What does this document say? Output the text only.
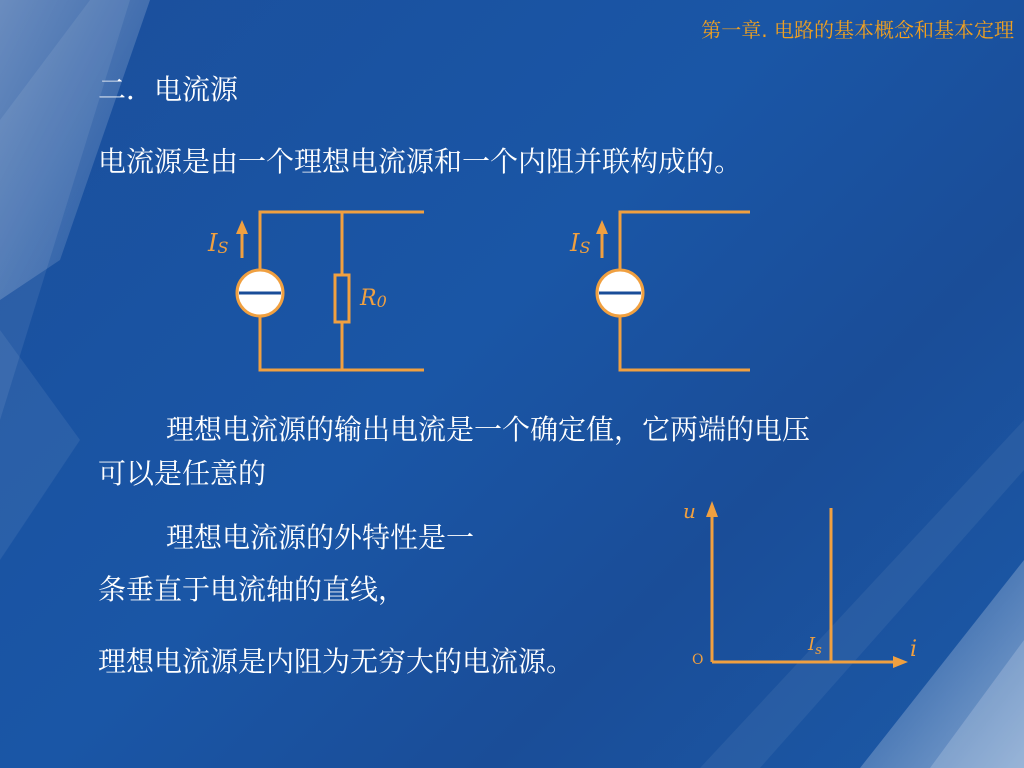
第一章. 电路的基本概念和基本定理
二．电流源
电流源是由一个理想电流源和一个内阻并联构成的。
IS
R0
IS
u
i
O
$I_s$
理想电流源的输出电流是一个确定值，它两端的电压
可以是任意的
理想电流源的外特性是一
条垂直于电流轴的直线，
理想电流源是内阻为无穷大的电流源。
